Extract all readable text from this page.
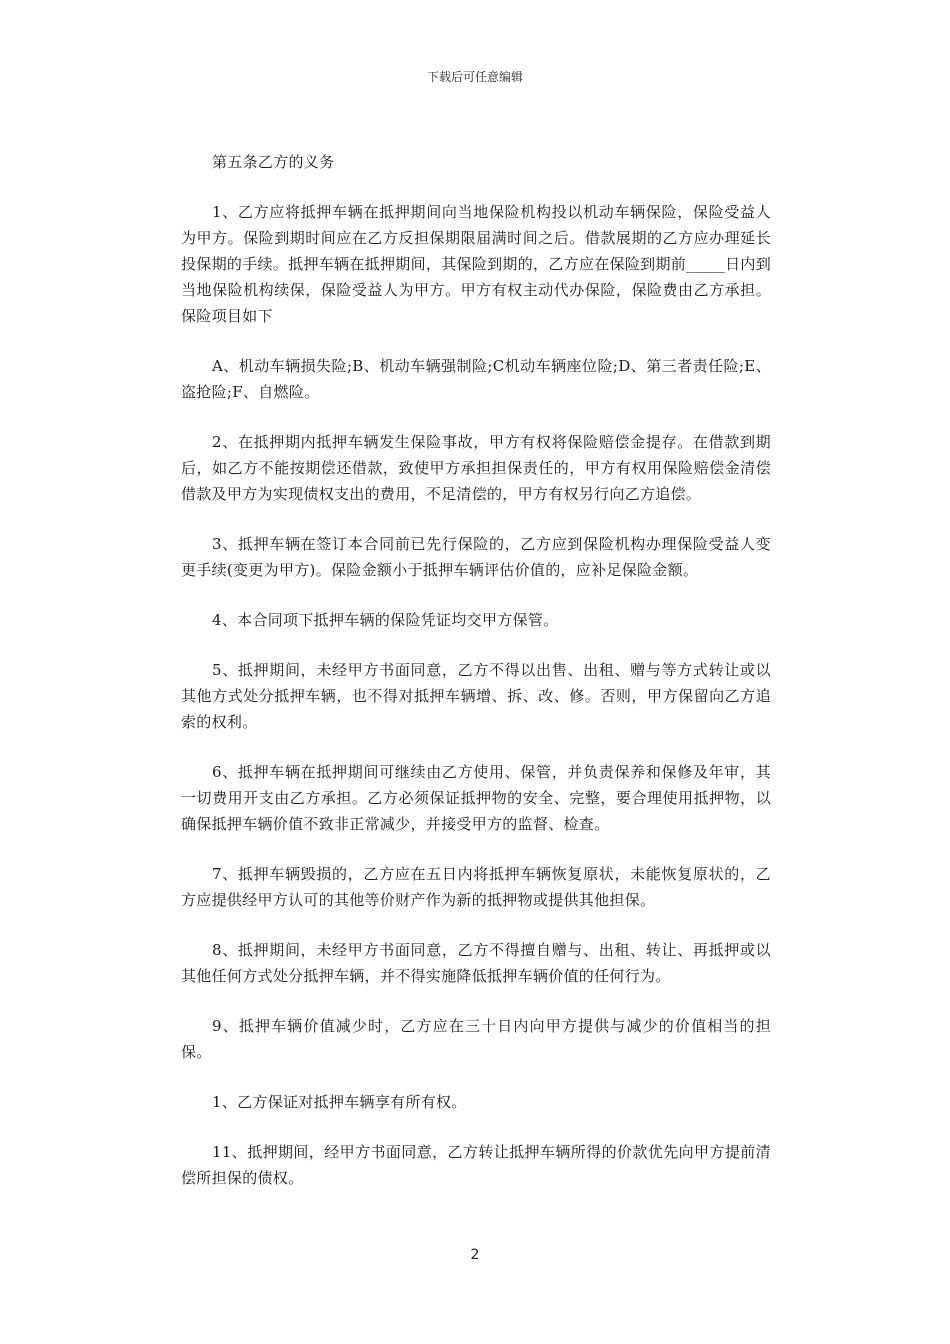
下载后可任意编辑

第五条乙方的义务

1、乙方应将抵押车辆在抵押期间向当地保险机构投以机动车辆保险，保险受益人为甲方。保险到期时间应在乙方反担保期限届满时间之后。借款展期的乙方应办理延长投保期的手续。抵押车辆在抵押期间，其保险到期的，乙方应在保险到期前_____日内到当地保险机构续保，保险受益人为甲方。甲方有权主动代办保险，保险费由乙方承担。保险项目如下

A、机动车辆损失险;B、机动车辆强制险;C机动车辆座位险;D、第三者责任险;E、盗抢险;F、自燃险。

2、在抵押期内抵押车辆发生保险事故，甲方有权将保险赔偿金提存。在借款到期后，如乙方不能按期偿还借款，致使甲方承担担保责任的，甲方有权用保险赔偿金清偿借款及甲方为实现债权支出的费用，不足清偿的，甲方有权另行向乙方追偿。

3、抵押车辆在签订本合同前已先行保险的，乙方应到保险机构办理保险受益人变更手续(变更为甲方)。保险金额小于抵押车辆评估价值的，应补足保险金额。

4、本合同项下抵押车辆的保险凭证均交甲方保管。

5、抵押期间，未经甲方书面同意，乙方不得以出售、出租、赠与等方式转让或以其他方式处分抵押车辆，也不得对抵押车辆增、拆、改、修。否则，甲方保留向乙方追索的权利。

6、抵押车辆在抵押期间可继续由乙方使用、保管，并负责保养和保修及年审，其一切费用开支由乙方承担。乙方必须保证抵押物的安全、完整，要合理使用抵押物，以确保抵押车辆价值不致非正常减少，并接受甲方的监督、检查。

7、抵押车辆毁损的，乙方应在五日内将抵押车辆恢复原状，未能恢复原状的，乙方应提供经甲方认可的其他等价财产作为新的抵押物或提供其他担保。

8、抵押期间，未经甲方书面同意，乙方不得擅自赠与、出租、转让、再抵押或以其他任何方式处分抵押车辆，并不得实施降低抵押车辆价值的任何行为。

9、抵押车辆价值减少时，乙方应在三十日内向甲方提供与减少的价值相当的担保。

1、乙方保证对抵押车辆享有所有权。

11、抵押期间，经甲方书面同意，乙方转让抵押车辆所得的价款优先向甲方提前清偿所担保的债权。

2
